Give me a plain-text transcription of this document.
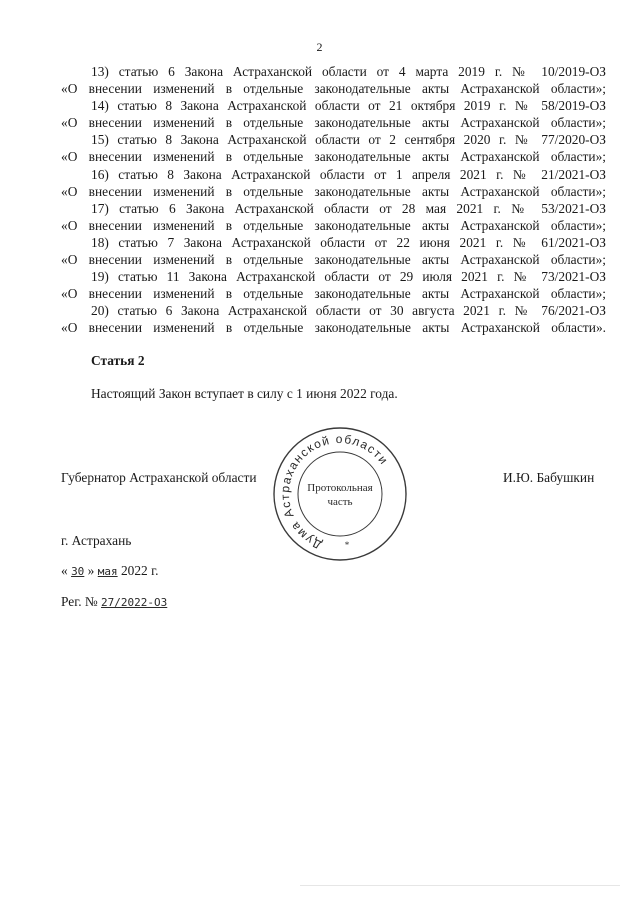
2
13) статью 6 Закона Астраханской области от 4 марта 2019 г. № 10/2019-ОЗ
«О внесении изменений в отдельные законодательные акты Астраханской области»;
14) статью 8 Закона Астраханской области от 21 октября 2019 г. № 58/2019-ОЗ
«О внесении изменений в отдельные законодательные акты Астраханской области»;
15) статью 8 Закона Астраханской области от 2 сентября 2020 г. № 77/2020-ОЗ
«О внесении изменений в отдельные законодательные акты Астраханской области»;
16) статью 8 Закона Астраханской области от 1 апреля 2021 г. № 21/2021-ОЗ
«О внесении изменений в отдельные законодательные акты Астраханской области»;
17) статью 6 Закона Астраханской области от 28 мая 2021 г. № 53/2021-ОЗ
«О внесении изменений в отдельные законодательные акты Астраханской области»;
18) статью 7 Закона Астраханской области от 22 июня 2021 г. № 61/2021-ОЗ
«О внесении изменений в отдельные законодательные акты Астраханской области»;
19) статью 11 Закона Астраханской области от 29 июля 2021 г. № 73/2021-ОЗ
«О внесении изменений в отдельные законодательные акты Астраханской области»;
20) статью 6 Закона Астраханской области от 30 августа 2021 г. № 76/2021-ОЗ
«О внесении изменений в отдельные законодательные акты Астраханской области».
Статья 2
Настоящий Закон вступает в силу с 1 июня 2022 года.
Губернатор Астраханской области	И.Ю. Бабушкин
Дума Астраханской области
Протокольная
часть
*
г. Астрахань
« 30 » мая 2022 г.
Рег. № 27/2022-ОЗ
